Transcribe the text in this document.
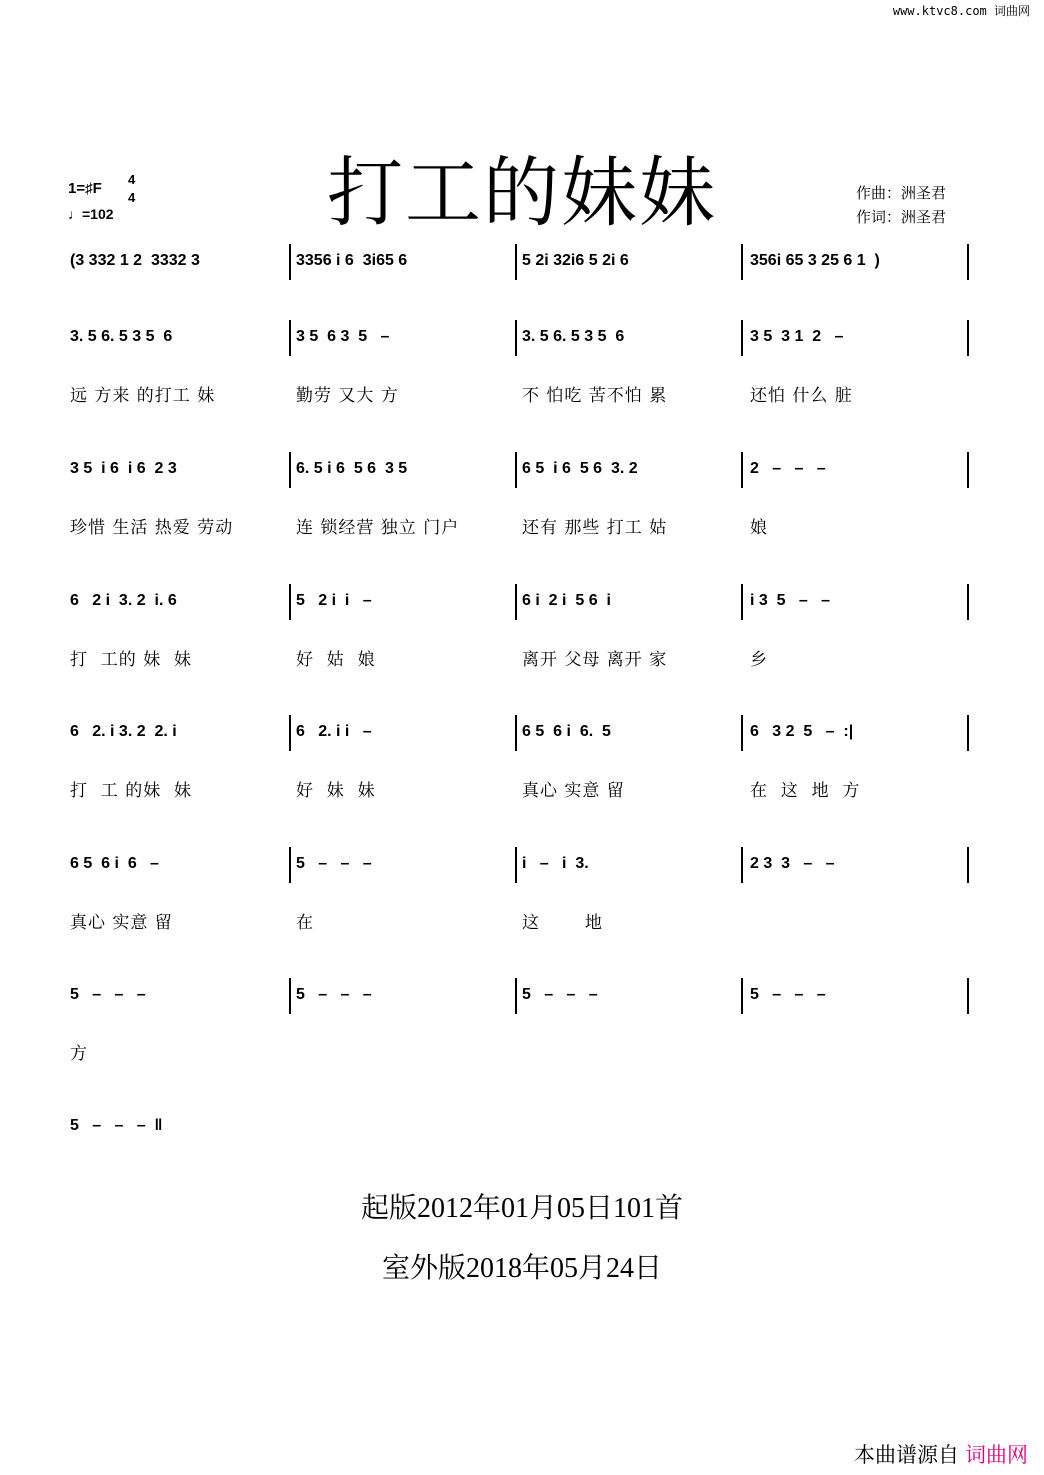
www.ktvc8.com 词曲网
打工的妹妹
1=♯F
4
4
♩=102
作曲：洲圣君
作词：洲圣君
(3 332 1 2  3332 3	3356 i 6  3i65 6	5 2i 32i6 5 2i 6	356i 65 3 25 6 1  )
3. 5 6. 5 3 5  6
远 方来 的打工 妹
3 5  6 3  5   –
勤劳 又大 方
3. 5 6. 5 3 5  6
不 怕吃 苦不怕 累
3 5  3 1  2   –
还怕 什么 脏
3 5  i 6  i 6  2 3
珍惜 生活 热爱 劳动
6. 5 i 6  5 6  3 5
连 锁经营 独立 门户
6 5  i 6  5 6  3. 2
还有 那些 打工 姑
2   –   –   –
娘
6   2 i  3. 2  i. 6
打  工的 妹  妹
5   2 i  i   –
好  姑  娘
6 i  2 i  5 6  i
离开 父母 离开 家
i 3  5   –   –
乡
6   2. i 3. 2  2. i
打  工 的妹  妹
6   2. i i   –
好  妹  妹
6 5  6 i  6.  5
真心 实意 留
6   3 2  5   –  :|
在  这  地  方
6 5  6 i  6   –
真心 实意 留
5   –   –   –
在
i   –   i  3.
这       地
2 3  3   –   –
5   –   –   –
方
5   –   –   –	5   –   –   –	5   –   –   –
5   –   –   –  ‖
起版2012年01月05日101首
室外版2018年05月24日
本曲谱源自 词曲网
